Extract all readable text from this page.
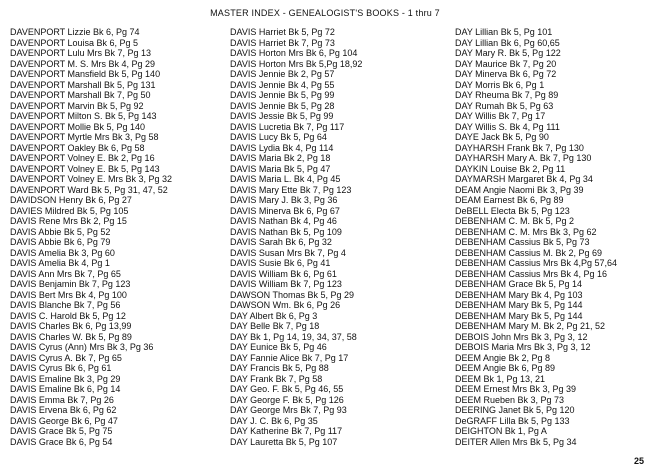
MASTER INDEX - GENEALOGIST'S BOOKS - 1 thru 7
DAVENPORT Lizzie Bk 6, Pg 74
DAVENPORT Louisa Bk 6, Pg 5
DAVENPORT Lulu Mrs Bk 7, Pg 13
DAVENPORT M. S. Mrs Bk 4, Pg 29
DAVENPORT Mansfield Bk 5, Pg 140
DAVENPORT Marshall Bk 5, Pg 131
DAVENPORT Marshall Bk 7, Pg 50
DAVENPORT Marvin Bk 5, Pg 92
DAVENPORT Milton S. Bk 5, Pg 143
DAVENPORT Mollie Bk 5, Pg 140
DAVENPORT Myrtle Mrs Bk 3, Pg 58
DAVENPORT Oakley Bk 6, Pg 58
DAVENPORT Volney E. Bk 2, Pg 16
DAVENPORT Volney E. Bk 5, Pg 143
DAVENPORT Volney E. Mrs Bk 3, Pg 32
DAVENPORT Ward Bk 5, Pg 31, 47, 52
DAVIDSON Henry Bk 6, Pg 27
DAVIES Mildred Bk 5, Pg 105
DAVIS Rene Mrs Bk 2, Pg 15
DAVIS Abbie Bk 5, Pg 52
DAVIS Abbie Bk 6, Pg 79
DAVIS Amelia Bk 3, Pg 60
DAVIS Amelia Bk 4, Pg 1
DAVIS Ann Mrs Bk 7, Pg 65
DAVIS Benjamin Bk 7, Pg 123
DAVIS Bert Mrs Bk 4, Pg 100
DAVIS Blanche Bk 7, Pg 56
DAVIS C. Harold Bk 5, Pg 12
DAVIS Charles Bk 6, Pg 13,99
DAVIS Charles W. Bk 5, Pg 89
DAVIS Cyrus (Ann) Mrs Bk 3, Pg 36
DAVIS Cyrus A. Bk 7, Pg 65
DAVIS Cyrus Bk 6, Pg 61
DAVIS Emaline Bk 3, Pg 29
DAVIS Emaline Bk 6, Pg 14
DAVIS Emma Bk 7, Pg 26
DAVIS Ervena Bk 6, Pg 62
DAVIS George Bk 6, Pg 47
DAVIS Grace Bk 5, Pg 75
DAVIS Grace Bk 6, Pg 54
DAVIS Harriet Bk 5, Pg 72
DAVIS Harriet Bk 7, Pg 73
DAVIS Horton Mrs Bk 6, Pg 104
DAVIS Horton Mrs Bk 5,Pg 18,92
DAVIS Jennie Bk 2, Pg 57
DAVIS Jennie Bk 4, Pg 55
DAVIS Jennie Bk 5, Pg 99
DAVIS Jennie Bk 5, Pg 28
DAVIS Jessie Bk 5, Pg 99
DAVIS Lucretia Bk 7, Pg 117
DAVIS Lucy Bk 5, Pg 64
DAVIS Lydia Bk 4, Pg 114
DAVIS Maria Bk 2, Pg 18
DAVIS Maria Bk 5, Pg 47
DAVIS Maria L. Bk 4, Pg 45
DAVIS Mary Ette Bk 7, Pg 123
DAVIS Mary J. Bk 3, Pg 36
DAVIS Minerva Bk 6, Pg 67
DAVIS Nathan Bk 4, Pg 46
DAVIS Nathan Bk 5, Pg 109
DAVIS Sarah Bk 6, Pg 32
DAVIS Susan Mrs Bk 7, Pg 4
DAVIS Susie Bk 6, Pg 41
DAVIS William Bk 6, Pg 61
DAVIS William Bk 7, Pg 123
DAWSON Thomas Bk 5, Pg 29
DAWSON Wm. Bk 6, Pg 26
DAY Albert Bk 6, Pg 3
DAY Belle Bk 7, Pg 18
DAY Bk 1, Pg 14, 19, 34, 37, 58
DAY Eunice Bk 5, Pg 46
DAY Fannie Alice Bk 7, Pg 17
DAY Francis Bk 5, Pg 88
DAY Frank Bk 7, Pg 58
DAY Geo. F. Bk 5, Pg 46, 55
DAY George F. Bk 5, Pg 126
DAY George Mrs Bk 7, Pg 93
DAY J. C. Bk 6, Pg 35
DAY Katherine Bk 7, Pg 117
DAY Lauretta Bk 5, Pg 107
DAY Lillian Bk 5, Pg 101
DAY Lillian Bk 6, Pg 60,65
DAY Mary R. Bk 5, Pg 122
DAY Maurice Bk 7, Pg 20
DAY Minerva Bk 6, Pg 72
DAY Morris Bk 6, Pg 1
DAY Rheuma Bk 7, Pg 89
DAY Rumah Bk 5, Pg 63
DAY Willis Bk 7, Pg 17
DAY Willis S. Bk 4, Pg 111
DAYE Jack Bk 5, Pg 90
DAYHARSH Frank Bk 7, Pg 130
DAYHARSH Mary A. Bk 7, Pg 130
DAYKIN Louise Bk 2, Pg 11
DAYMARSH Margaret Bk 4, Pg 34
DEAM Angie Naomi Bk 3, Pg 39
DEAM Earnest Bk 6, Pg 89
DeBELL Electa Bk 5, Pg 123
DEBENHAM C. M. Bk 5, Pg 2
DEBENHAM C. M. Mrs Bk 3, Pg 62
DEBENHAM Cassius Bk 5, Pg 73
DEBENHAM Cassius M. Bk 2, Pg 69
DEBENHAM Cassius Mrs Bk 4,Pg 57,64
DEBENHAM Cassius Mrs Bk 4, Pg 16
DEBENHAM Grace Bk 5, Pg 14
DEBENHAM Mary Bk 4, Pg 103
DEBENHAM Mary Bk 5, Pg 144
DEBENHAM Mary Bk 5, Pg 144
DEBENHAM Mary M. Bk 2, Pg 21, 52
DEBOIS John Mrs Bk 3, Pg 3, 12
DEBOIS Maria Mrs Bk 3, Pg 3, 12
DEEM Angie Bk 2, Pg 8
DEEM Angie Bk 6, Pg 89
DEEM Bk 1, Pg 13, 21
DEEM Ernest Mrs Bk 3, Pg 39
DEEM Rueben Bk 3, Pg 73
DEERING Janet Bk 5, Pg 120
DeGRAFF Lilla Bk 5, Pg 133
DEIGHTON Bk 1, Pg A
DEITER Allen Mrs Bk 5, Pg 34
25
